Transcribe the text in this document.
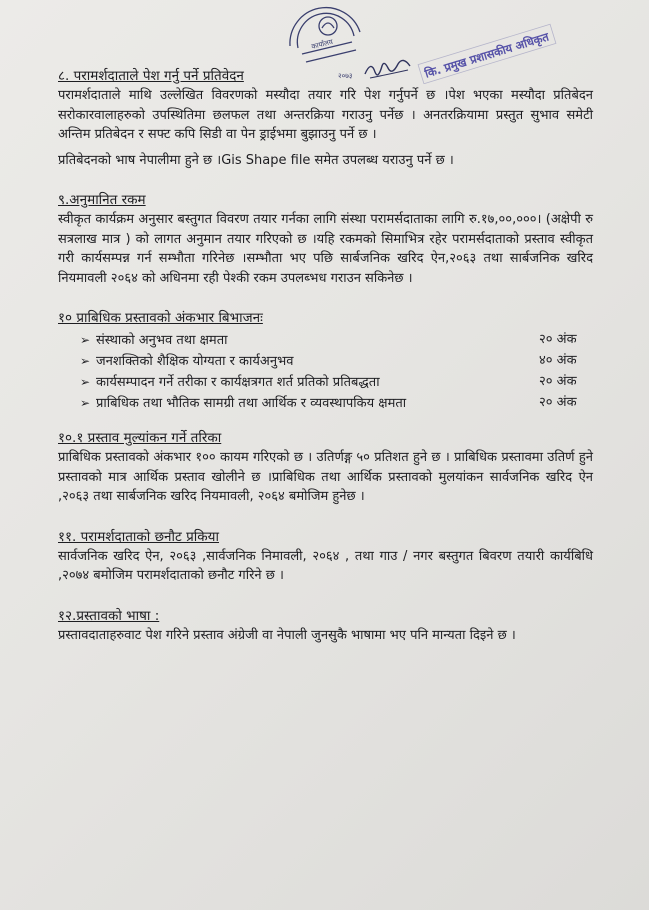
कार्यालय
२०७३	कि. प्रमुख प्रशासकीय अधिकृत
८. परामर्शदाताले पेश गर्नु पर्ने प्रतिवेदन

परामर्शदाताले माथि उल्लेखित विवरणको मस्यौदा तयार गरि पेश गर्नुपर्ने छ ।पेश भएका मस्यौदा प्रतिबेदन सरोकारवालाहरुको उपस्थितिमा छलफल तथा अन्तरक्रिया गराउनु पर्नेछ । अनतरक्रियामा प्रस्तुत सुभाव समेटी अन्तिम प्रतिबेदन र सफ्ट कपि सिडी वा पेन ड्राईभमा बुझाउनु पर्ने छ ।

प्रतिबेदनको भाष नेपालीमा हुने छ ।Gis Shape file समेत उपलब्ध यराउनु पर्ने छ ।

९.अनुमानित रकम

स्वीकृत कार्यक्रम अनुसार बस्तुगत विवरण तयार गर्नका लागि संस्था परामर्सदाताका लागि रु.१७,००,०००। (अक्षेपी रु सत्रलाख मात्र ) को लागत अनुमान तयार गरिएको छ ।यहि रकमको सिमाभित्र रहेर परामर्सदाताको प्रस्ताव स्वीकृत गरी कार्यसम्पन्न गर्न सम्भौता गरिनेछ ।सम्भौता भए पछि सार्बजनिक खरिद ऐन,२०६३ तथा सार्बजनिक खरिद नियमावली २०६४ को अधिनमा रही पेश्की रकम उपलब्भध गराउन सकिनेछ ।

१० प्राबिधिक प्रस्तावको अंकभार बिभाजनः
➢ संस्थाको अनुभव तथा क्षमता	२० अंक
➢ जनशक्तिको शैक्षिक योग्यता र कार्यअनुभव	४० अंक
➢ कार्यसम्पादन गर्ने तरीका र कार्यक्षत्रगत शर्त प्रतिको प्रतिबद्धता	२० अंक
➢ प्राबिधिक तथा भौतिक सामग्री तथा आर्थिक र व्यवस्थापकिय क्षमता	२० अंक
१०.१ प्रस्ताव मुल्यांकन गर्ने तरिका

प्राबिधिक प्रस्तावको अंकभार १०० कायम गरिएको छ । उतिर्णङ्ग ५० प्रतिशत हुने छ । प्राबिधिक प्रस्तावमा उतिर्ण हुने प्रस्तावको मात्र आर्थिक प्रस्ताव खोलीने छ ।प्राबिधिक तथा आर्थिक प्रस्तावको मुलयांकन सार्वजनिक खरिद ऐन ,२०६३ तथा सार्बजनिक खरिद नियमावली, २०६४ बमोजिम हुनेछ ।

११. परामर्शदाताको छनौट प्रकिया

सार्वजनिक खरिद ऐन, २०६३ ,सार्वजनिक निमावली, २०६४ , तथा गाउ / नगर बस्तुगत बिवरण तयारी कार्यबिधि ,२०७४ बमोजिम परामर्शदाताको छनौट गरिने छ ।

१२.प्रस्तावको भाषा :

प्रस्तावदाताहरुवाट पेश गरिने प्रस्ताव अंग्रेजी वा नेपाली जुनसुकै भाषामा भए पनि मान्यता दिइने छ ।
